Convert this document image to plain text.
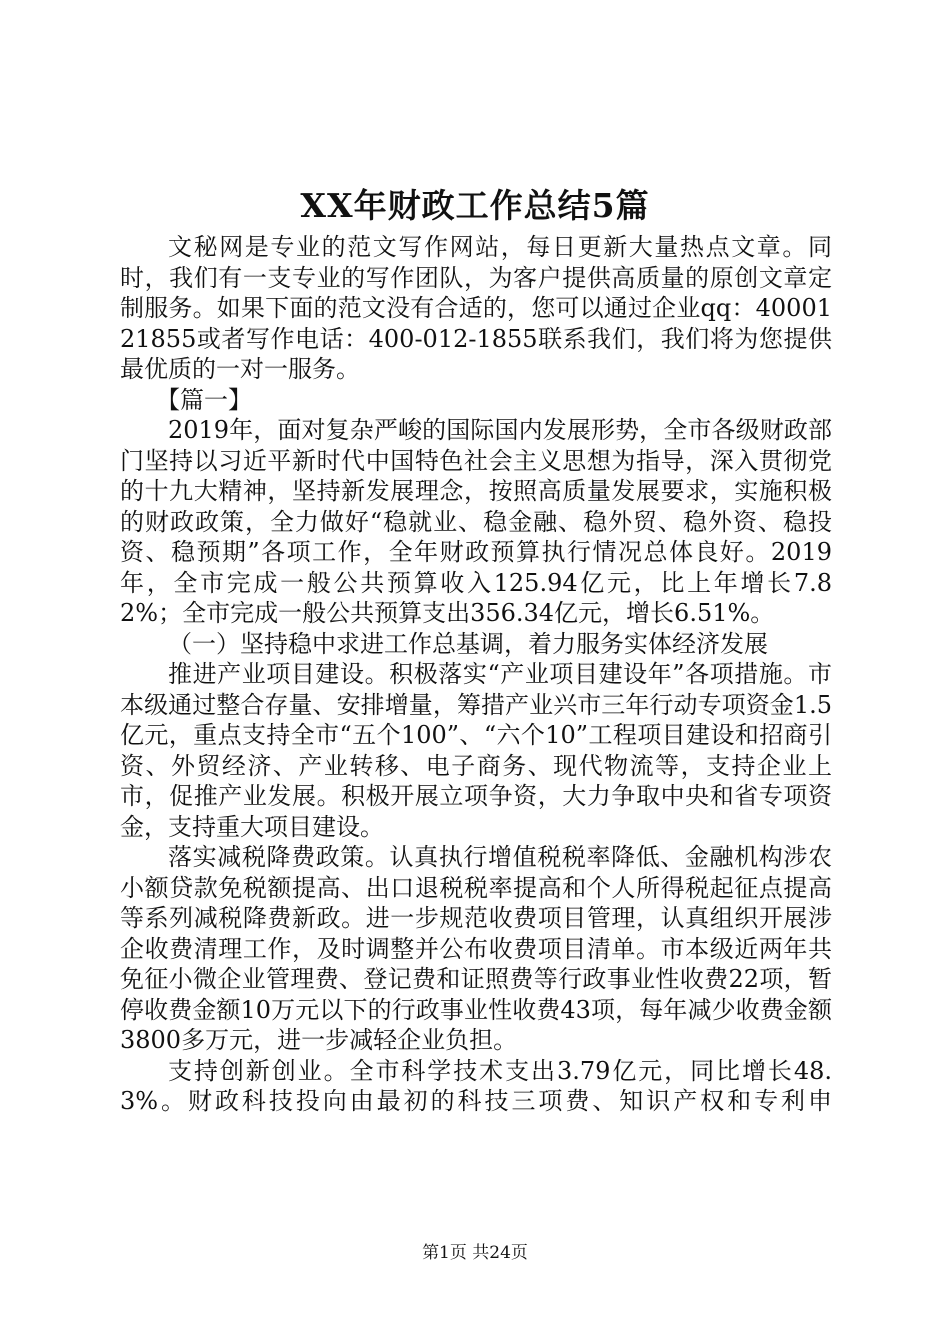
XX年财政工作总结5篇

文秘网是专业的范文写作网站，每日更新大量热点文章。同时，我们有一支专业的写作团队，为客户提供高质量的原创文章定制服务。如果下面的范文没有合适的，您可以通过企业qq：4000121855或者写作电话：400-012-1855联系我们，我们将为您提供最优质的一对一服务。

【篇一】

2019年，面对复杂严峻的国际国内发展形势，全市各级财政部门坚持以习近平新时代中国特色社会主义思想为指导，深入贯彻党的十九大精神，坚持新发展理念，按照高质量发展要求，实施积极的财政政策，全力做好“稳就业、稳金融、稳外贸、稳外资、稳投资、稳预期”各项工作，全年财政预算执行情况总体良好。2019年，全市完成一般公共预算收入125.94亿元，比上年增长7.82%；全市完成一般公共预算支出356.34亿元，增长6.51%。

（一）坚持稳中求进工作总基调，着力服务实体经济发展

推进产业项目建设。积极落实“产业项目建设年”各项措施。市本级通过整合存量、安排增量，筹措产业兴市三年行动专项资金1.5亿元，重点支持全市“五个100”、“六个10”工程项目建设和招商引资、外贸经济、产业转移、电子商务、现代物流等，支持企业上市，促推产业发展。积极开展立项争资，大力争取中央和省专项资金，支持重大项目建设。

落实减税降费政策。认真执行增值税税率降低、金融机构涉农小额贷款免税额提高、出口退税税率提高和个人所得税起征点提高等系列减税降费新政。进一步规范收费项目管理，认真组织开展涉企收费清理工作，及时调整并公布收费项目清单。市本级近两年共免征小微企业管理费、登记费和证照费等行政事业性收费22项，暂停收费金额10万元以下的行政事业性收费43项，每年减少收费金额3800多万元，进一步减轻企业负担。

支持创新创业。全市科学技术支出3.79亿元，同比增长48.3%。财政科技投向由最初的科技三项费、知识产权和专利申

第1页 共24页
